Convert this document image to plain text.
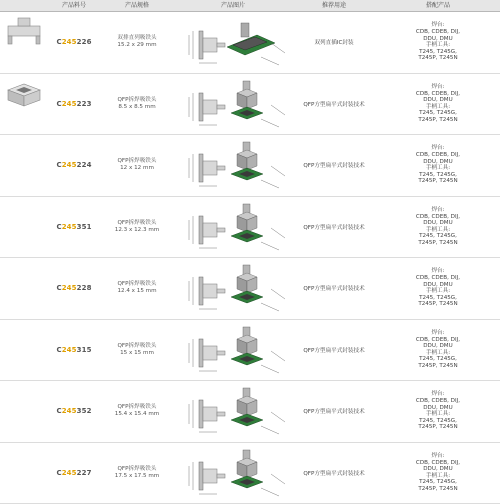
产品料号	产品规格	产品图片	推荐用途	搭配产品
C245226	双排直列吸铁头
15.2 x 29 mm	双列直插IC封装
焊台:
CDB, CDEB, DIJ,
DDU, DMU
手柄工具:
T245, T245G,
T245P, T245N
C245223	QFP拆焊吸铁头
8.5 x 8.5 mm	QFP方型扁平式封装技术
焊台:
CDB, CDEB, DIJ,
DDU, DMU
手柄工具:
T245, T245G,
T245P, T245N
C245224	QFP拆焊吸铁头
12 x 12 mm	QFP方型扁平式封装技术
焊台:
CDB, CDEB, DIJ,
DDU, DMU
手柄工具:
T245, T245G,
T245P, T245N
C245351	QFP拆焊吸铁头
12.3 x 12.3 mm	QFP方型扁平式封装技术
焊台:
CDB, CDEB, DIJ,
DDU, DMU
手柄工具:
T245, T245G,
T245P, T245N
C245228	QFP拆焊吸铁头
12.4 x 15 mm	QFP方型扁平式封装技术
焊台:
CDB, CDEB, DIJ,
DDU, DMU
手柄工具:
T245, T245G,
T245P, T245N
C245315	QFP拆焊吸铁头
15 x 15 mm	QFP方型扁平式封装技术
焊台:
CDB, CDEB, DIJ,
DDU, DMU
手柄工具:
T245, T245G,
T245P, T245N
C245352	QFP拆焊吸铁头
15.4 x 15.4 mm	QFP方型扁平式封装技术
焊台:
CDB, CDEB, DIJ,
DDU, DMU
手柄工具:
T245, T245G,
T245P, T245N
C245227	QFP拆焊吸铁头
17.5 x 17.5 mm	QFP方型扁平式封装技术
焊台:
CDB, CDEB, DIJ,
DDU, DMU
手柄工具:
T245, T245G,
T245P, T245N
